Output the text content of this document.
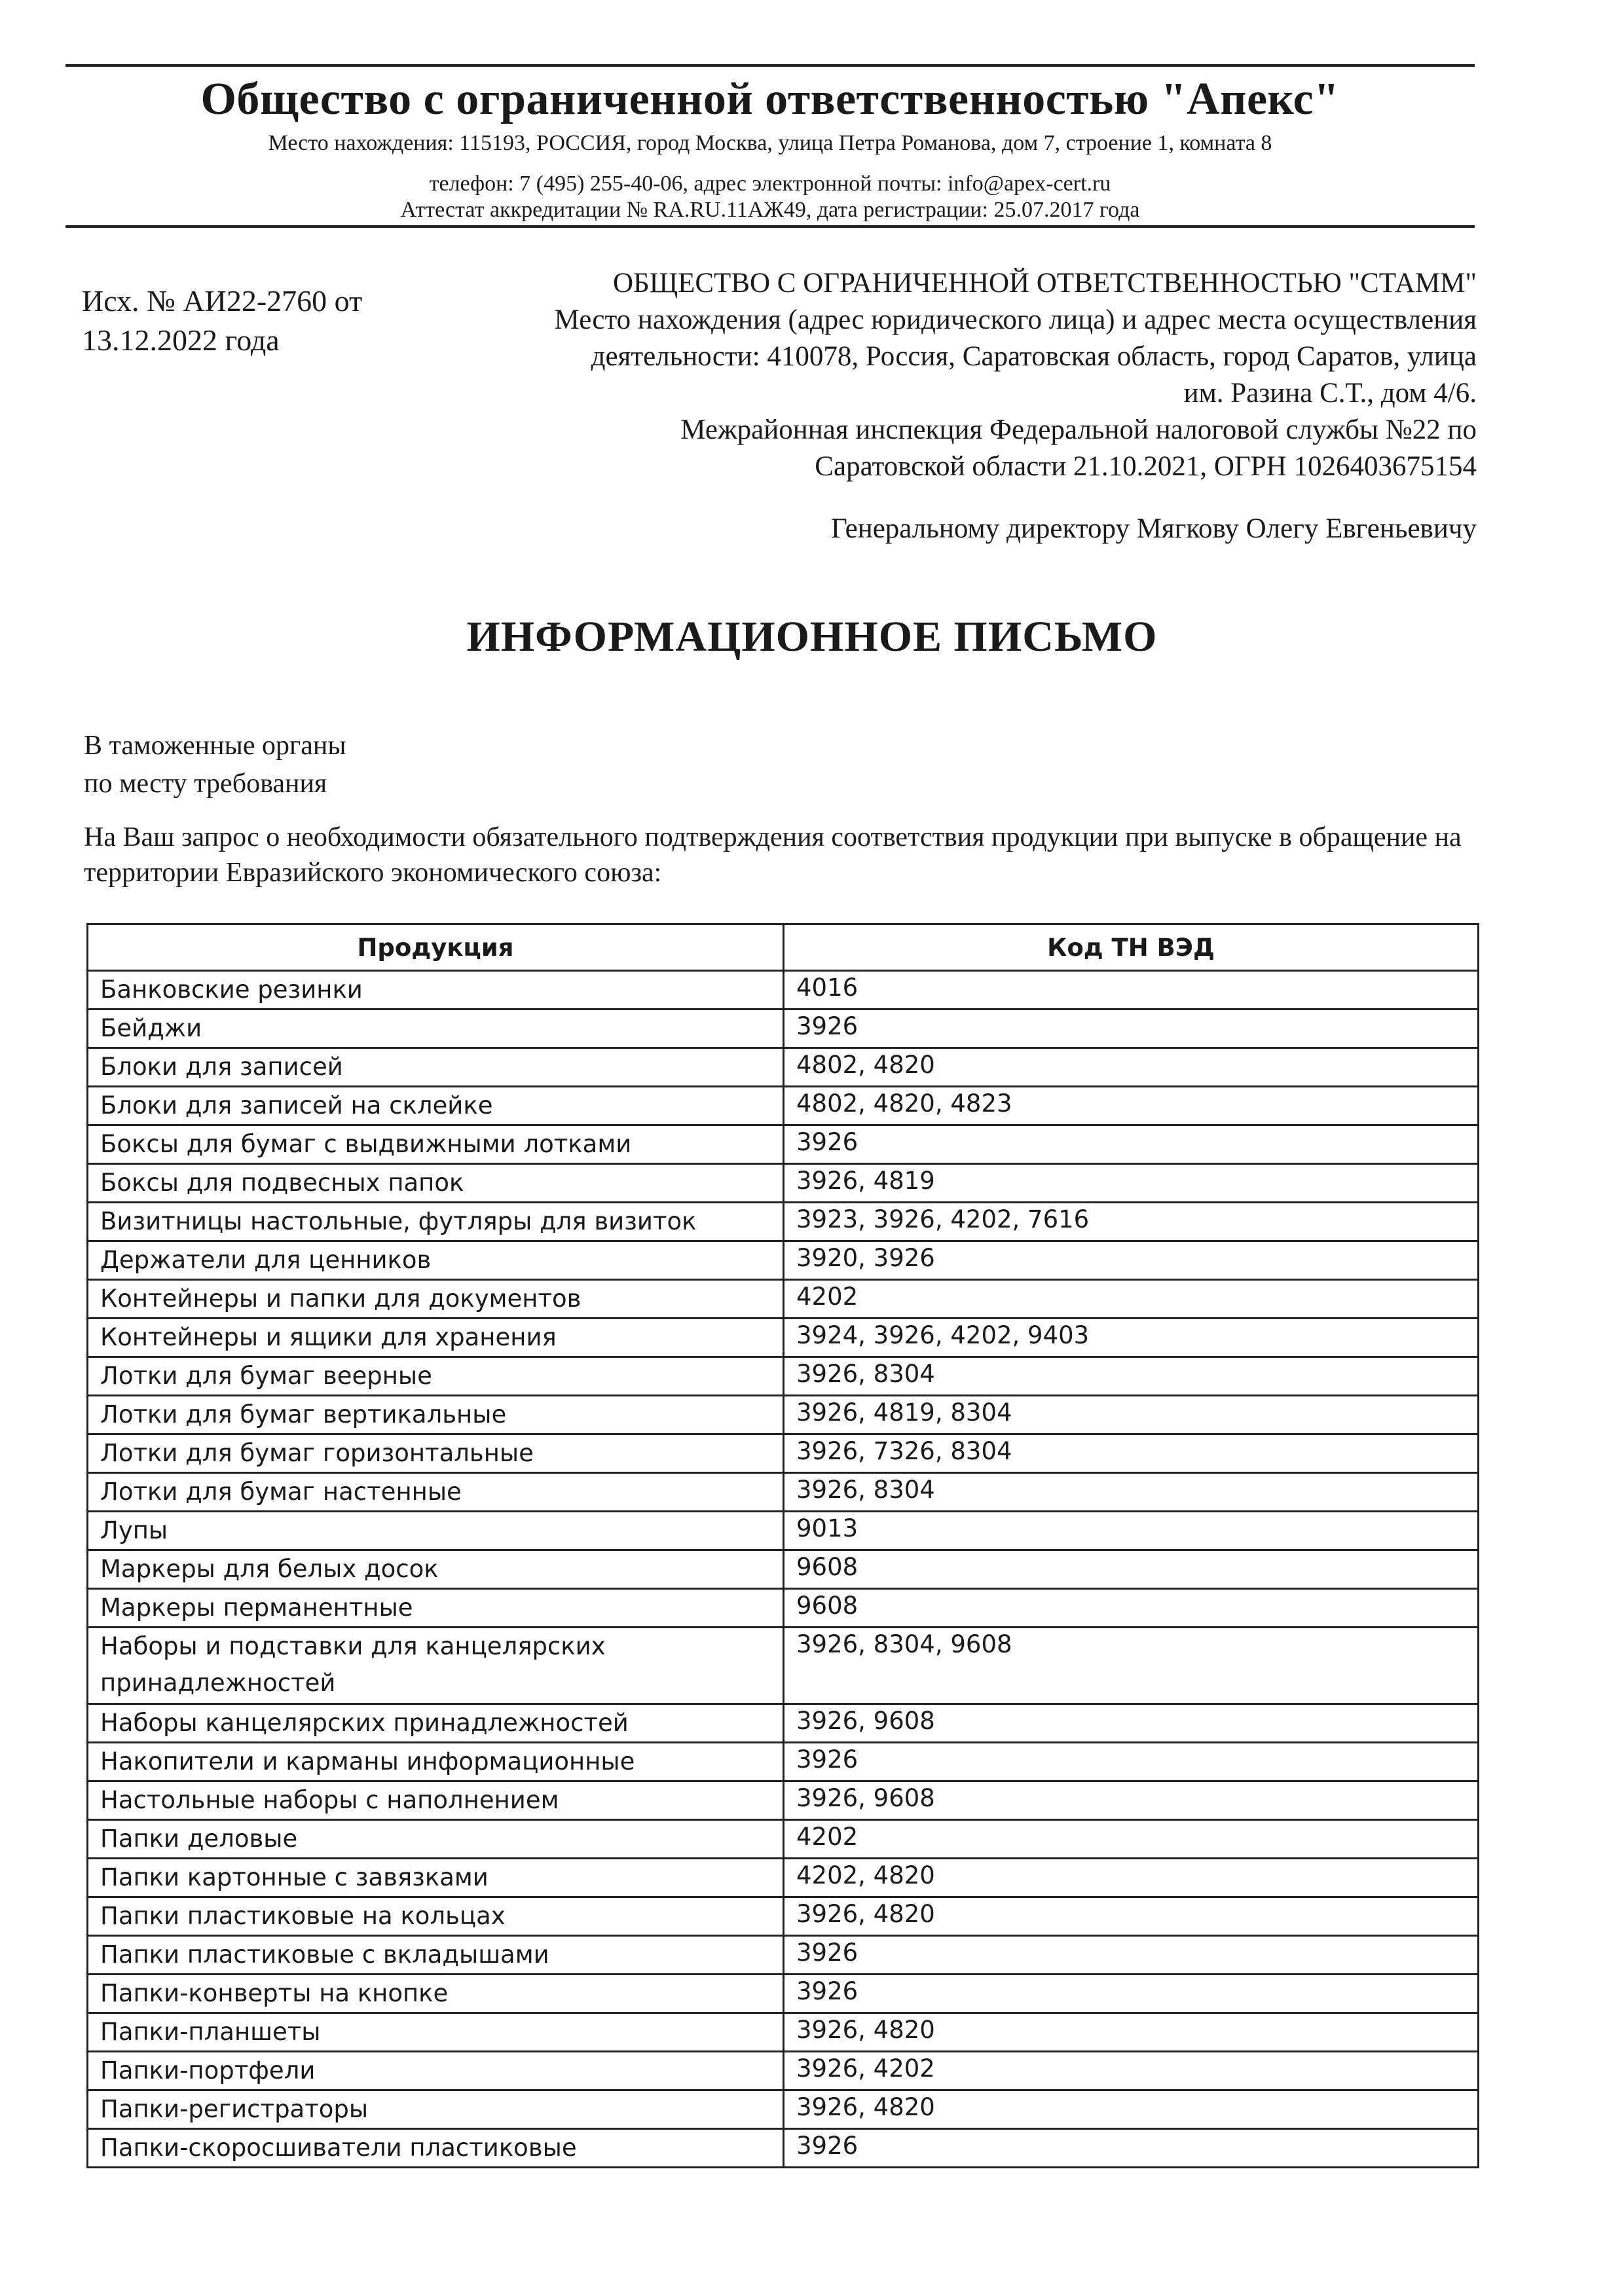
Общество с ограниченной ответственностью "Апекс"
Место нахождения: 115193, РОССИЯ, город Москва, улица Петра Романова, дом 7, строение 1, комната 8
телефон: 7 (495) 255-40-06, адрес электронной почты: info@apex-cert.ru
Аттестат аккредитации № RA.RU.11АЖ49, дата регистрации: 25.07.2017 года
Исх. № АИ22-2760 от
13.12.2022 года
ОБЩЕСТВО С ОГРАНИЧЕННОЙ ОТВЕТСТВЕННОСТЬЮ "СТАММ"
Место нахождения (адрес юридического лица) и адрес места осуществления
деятельности: 410078, Россия, Саратовская область, город Саратов, улица
им. Разина С.Т., дом 4/6.
Межрайонная инспекция Федеральной налоговой службы №22 по
Саратовской области 21.10.2021, ОГРН 1026403675154
Генеральному директору Мягкову Олегу Евгеньевичу
ИНФОРМАЦИОННОЕ ПИСЬМО
В таможенные органы
по месту требования
На Ваш запрос о необходимости обязательного подтверждения соответствия продукции при выпуске в обращение на территории Евразийского экономического союза:
Продукция	Код ТН ВЭД
Банковские резинки	4016
Бейджи	3926
Блоки для записей	4802, 4820
Блоки для записей на склейке	4802, 4820, 4823
Боксы для бумаг с выдвижными лотками	3926
Боксы для подвесных папок	3926, 4819
Визитницы настольные, футляры для визиток	3923, 3926, 4202, 7616
Держатели для ценников	3920, 3926
Контейнеры и папки для документов	4202
Контейнеры и ящики для хранения	3924, 3926, 4202, 9403
Лотки для бумаг веерные	3926, 8304
Лотки для бумаг вертикальные	3926, 4819, 8304
Лотки для бумаг горизонтальные	3926, 7326, 8304
Лотки для бумаг настенные	3926, 8304
Лупы	9013
Маркеры для белых досок	9608
Маркеры перманентные	9608
Наборы и подставки для канцелярских принадлежностей	3926, 8304, 9608
Наборы канцелярских принадлежностей	3926, 9608
Накопители и карманы информационные	3926
Настольные наборы с наполнением	3926, 9608
Папки деловые	4202
Папки картонные с завязками	4202, 4820
Папки пластиковые на кольцах	3926, 4820
Папки пластиковые с вкладышами	3926
Папки-конверты на кнопке	3926
Папки-планшеты	3926, 4820
Папки-портфели	3926, 4202
Папки-регистраторы	3926, 4820
Папки-скоросшиватели пластиковые	3926
